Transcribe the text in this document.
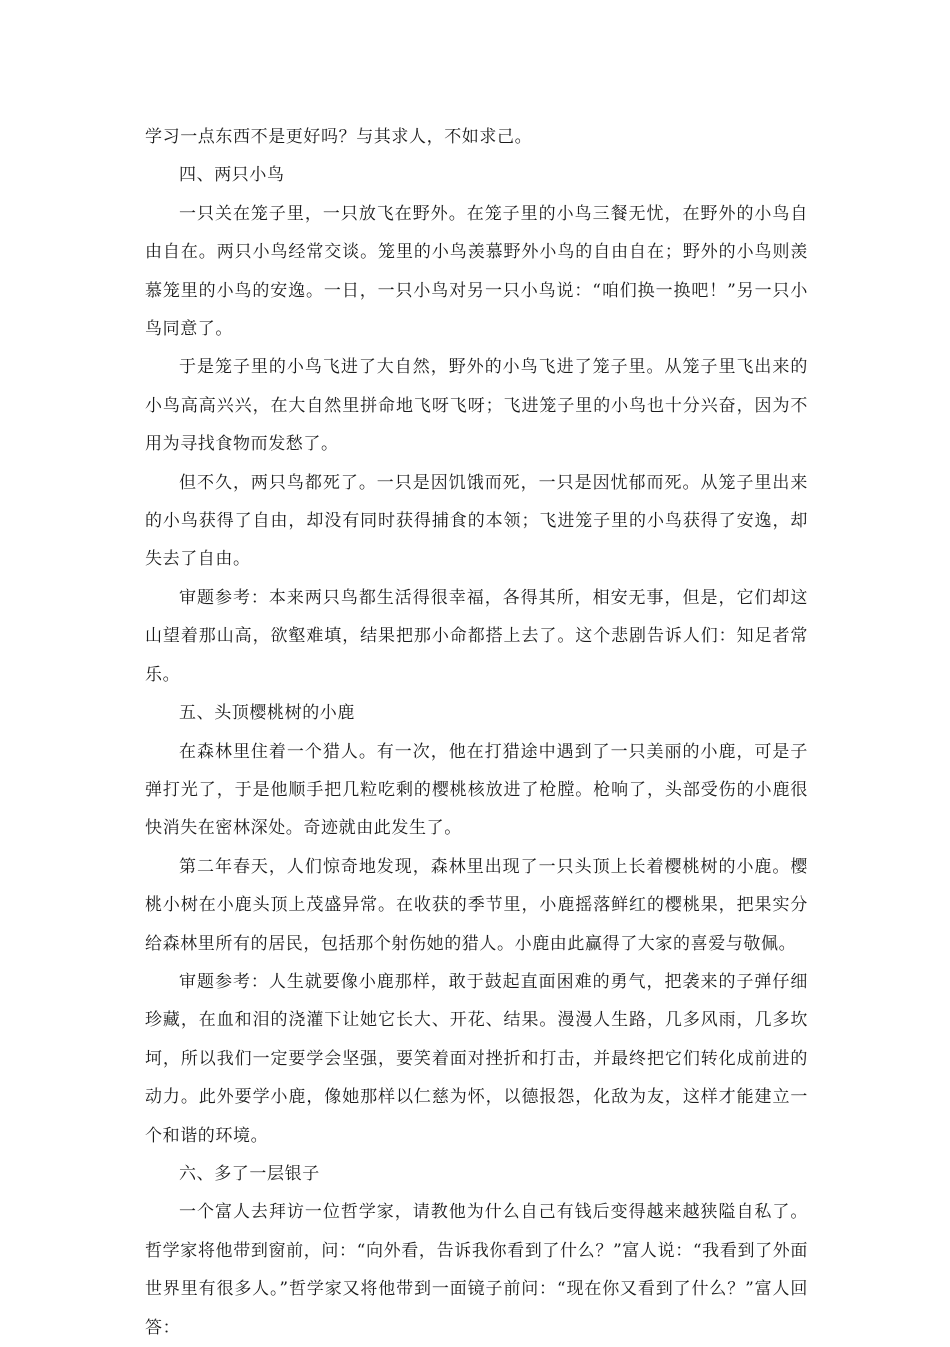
学习一点东西不是更好吗？与其求人，不如求己。

四、两只小鸟

一只关在笼子里，一只放飞在野外。在笼子里的小鸟三餐无忧，在野外的小鸟自由自在。两只小鸟经常交谈。笼里的小鸟羡慕野外小鸟的自由自在；野外的小鸟则羡慕笼里的小鸟的安逸。一日，一只小鸟对另一只小鸟说：“咱们换一换吧！”另一只小鸟同意了。

于是笼子里的小鸟飞进了大自然，野外的小鸟飞进了笼子里。从笼子里飞出来的小鸟高高兴兴，在大自然里拼命地飞呀飞呀；飞进笼子里的小鸟也十分兴奋，因为不用为寻找食物而发愁了。

但不久，两只鸟都死了。一只是因饥饿而死，一只是因忧郁而死。从笼子里出来的小鸟获得了自由，却没有同时获得捕食的本领；飞进笼子里的小鸟获得了安逸，却失去了自由。

审题参考：本来两只鸟都生活得很幸福，各得其所，相安无事，但是，它们却这山望着那山高，欲壑难填，结果把那小命都搭上去了。这个悲剧告诉人们：知足者常乐。

五、头顶樱桃树的小鹿

在森林里住着一个猎人。有一次，他在打猎途中遇到了一只美丽的小鹿，可是子弹打光了，于是他顺手把几粒吃剩的樱桃核放进了枪膛。枪响了，头部受伤的小鹿很快消失在密林深处。奇迹就由此发生了。

第二年春天，人们惊奇地发现，森林里出现了一只头顶上长着樱桃树的小鹿。樱桃小树在小鹿头顶上茂盛异常。在收获的季节里，小鹿摇落鲜红的樱桃果，把果实分给森林里所有的居民，包括那个射伤她的猎人。小鹿由此赢得了大家的喜爱与敬佩。

审题参考：人生就要像小鹿那样，敢于鼓起直面困难的勇气，把袭来的子弹仔细珍藏，在血和泪的浇灌下让她它长大、开花、结果。漫漫人生路，几多风雨，几多坎坷，所以我们一定要学会坚强，要笑着面对挫折和打击，并最终把它们转化成前进的动力。此外要学小鹿，像她那样以仁慈为怀，以德报怨，化敌为友，这样才能建立一个和谐的环境。

六、多了一层银子

一个富人去拜访一位哲学家，请教他为什么自己有钱后变得越来越狭隘自私了。哲学家将他带到窗前，问：“向外看，告诉我你看到了什么？”富人说：“我看到了外面世界里有很多人。”哲学家又将他带到一面镜子前问：“现在你又看到了什么？”富人回答：
